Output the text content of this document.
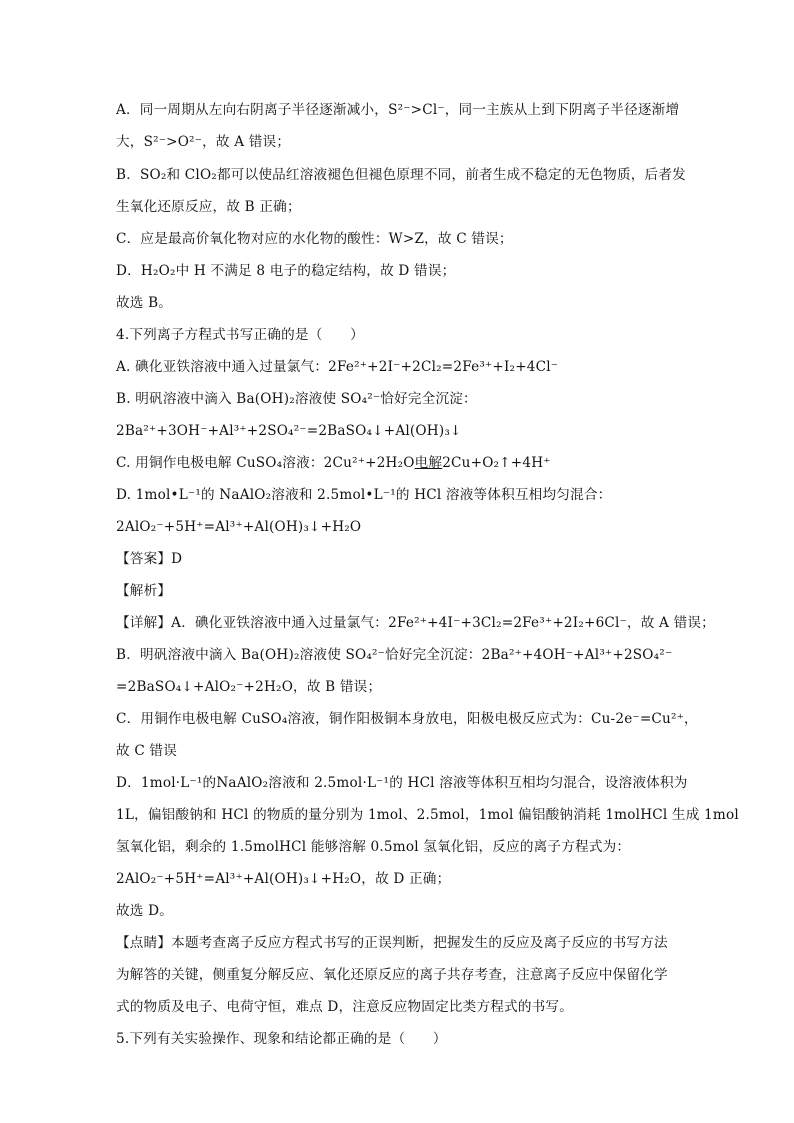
A．同一周期从左向右阴离子半径逐渐减小，S²⁻>Cl⁻，同一主族从上到下阴离子半径逐渐增
大，S²⁻>O²⁻，故 A 错误；
B．SO₂和 ClO₂都可以使品红溶液褪色但褪色原理不同，前者生成不稳定的无色物质，后者发
生氧化还原反应，故 B 正确；
C．应是最高价氧化物对应的水化物的酸性：W>Z，故 C 错误；
D．H₂O₂中 H 不满足 8 电子的稳定结构，故 D 错误；
故选 B。
4.下列离子方程式书写正确的是（　　）
A. 碘化亚铁溶液中通入过量氯气：2Fe²⁺+2I⁻+2Cl₂=2Fe³⁺+I₂+4Cl⁻
B. 明矾溶液中滴入 Ba(OH)₂溶液使 SO₄²⁻恰好完全沉淀：
2Ba²⁺+3OH⁻+Al³⁺+2SO₄²⁻=2BaSO₄↓+Al(OH)₃↓
C. 用铜作电极电解 CuSO₄溶液：2Cu²⁺+2H₂O电解2Cu+O₂↑+4H⁺
D. 1mol•L⁻¹的 NaAlO₂溶液和 2.5mol•L⁻¹的 HCl 溶液等体积互相均匀混合：
2AlO₂⁻+5H⁺=Al³⁺+Al(OH)₃↓+H₂O
【答案】D
【解析】
【详解】A．碘化亚铁溶液中通入过量氯气：2Fe²⁺+4I⁻+3Cl₂=2Fe³⁺+2I₂+6Cl⁻，故 A 错误；
B．明矾溶液中滴入 Ba(OH)₂溶液使 SO₄²⁻恰好完全沉淀：2Ba²⁺+4OH⁻+Al³⁺+2SO₄²⁻
=2BaSO₄↓+AlO₂⁻+2H₂O，故 B 错误；
C．用铜作电极电解 CuSO₄溶液，铜作阳极铜本身放电，阳极电极反应式为：Cu-2e⁻=Cu²⁺，
故 C 错误
D．1mol·L⁻¹的NaAlO₂溶液和 2.5mol·L⁻¹的 HCl 溶液等体积互相均匀混合，设溶液体积为
1L，偏铝酸钠和 HCl 的物质的量分别为 1mol、2.5mol，1mol 偏铝酸钠消耗 1molHCl 生成 1mol
氢氧化铝，剩余的 1.5molHCl 能够溶解 0.5mol 氢氧化铝，反应的离子方程式为：
2AlO₂⁻+5H⁺=Al³⁺+Al(OH)₃↓+H₂O，故 D 正确；
故选 D。
【点睛】本题考查离子反应方程式书写的正误判断，把握发生的反应及离子反应的书写方法
为解答的关键，侧重复分解反应、氧化还原反应的离子共存考查，注意离子反应中保留化学
式的物质及电子、电荷守恒，难点 D，注意反应物固定比类方程式的书写。
5.下列有关实验操作、现象和结论都正确的是（　　）
